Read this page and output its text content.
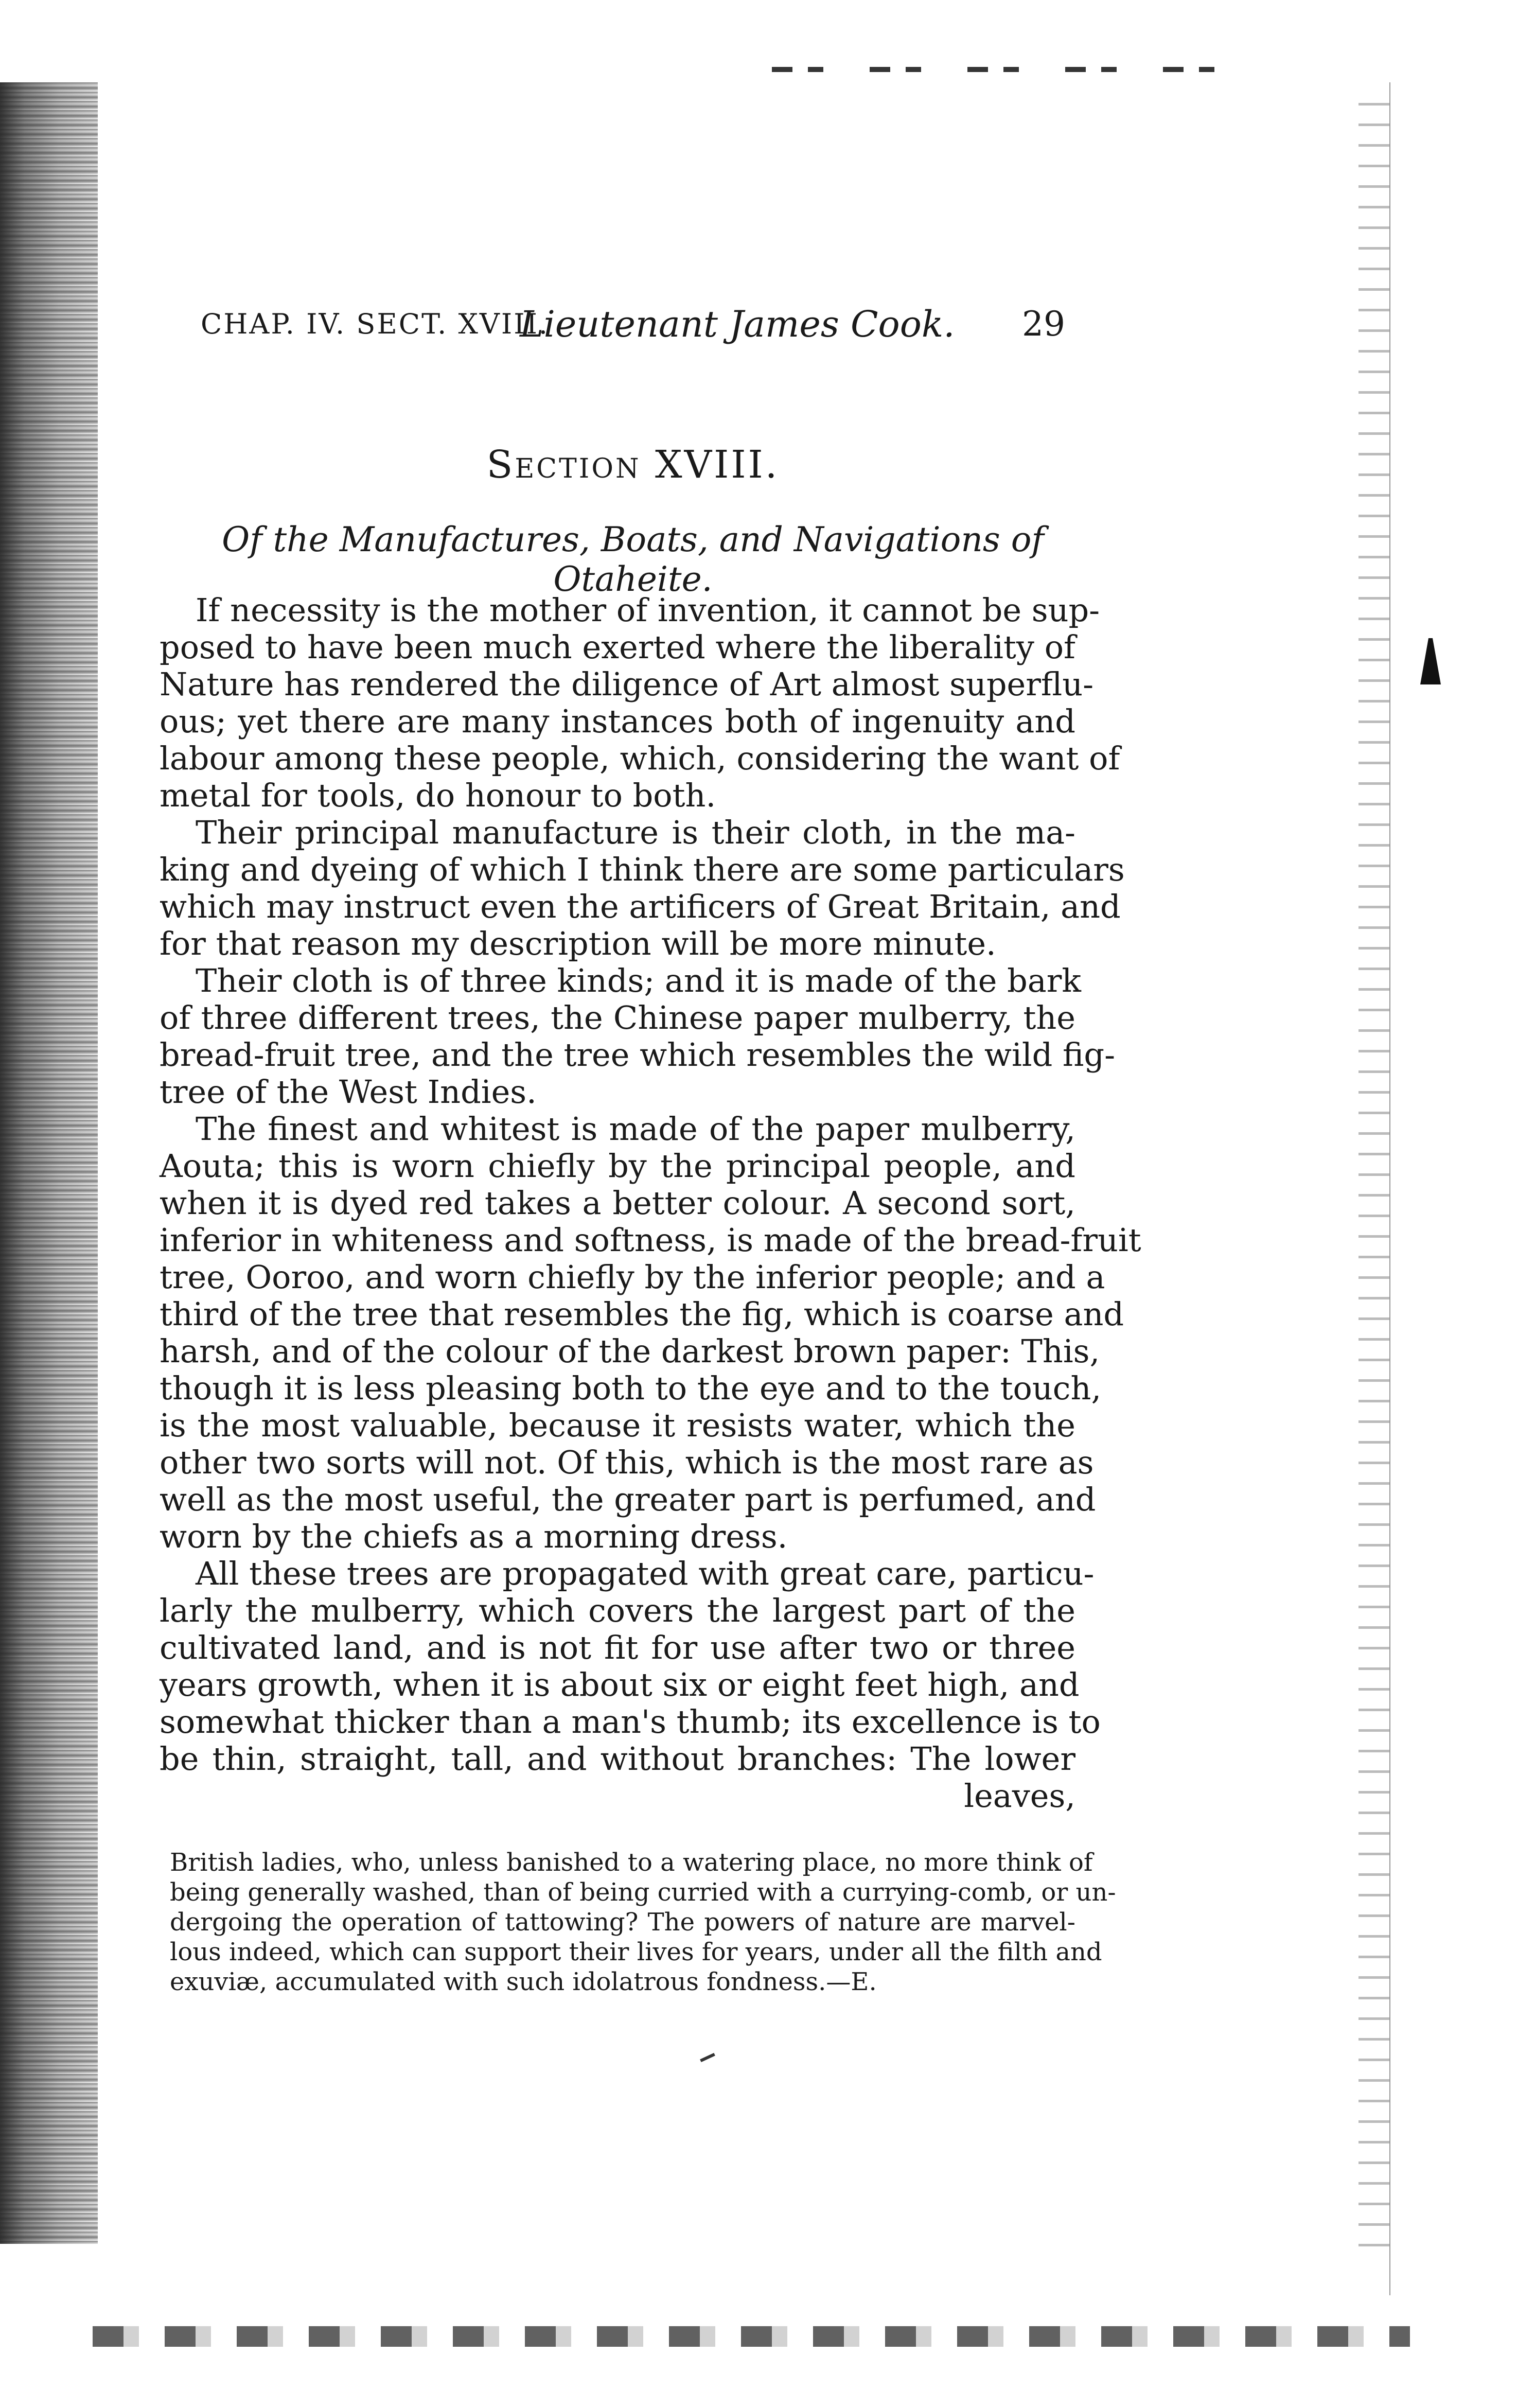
CHAP. IV. SECT. XVIII.
Lieutenant James Cook. 29
Section XVIII.
Of the Manufactures, Boats, and Navigations of Otaheite.
If necessity is the mother of invention, it cannot be sup-
posed to have been much exerted where the liberality of
Nature has rendered the diligence of Art almost superflu-
ous; yet there are many instances both of ingenuity and
labour among these people, which, considering the want of
metal for tools, do honour to both.
Their principal manufacture is their cloth, in the ma-
king and dyeing of which I think there are some particulars
which may instruct even the artificers of Great Britain, and
for that reason my description will be more minute.
Their cloth is of three kinds; and it is made of the bark
of three different trees, the Chinese paper mulberry, the
bread-fruit tree, and the tree which resembles the wild fig-
tree of the West Indies.
The finest and whitest is made of the paper mulberry,
Aouta; this is worn chiefly by the principal people, and
when it is dyed red takes a better colour. A second sort,
inferior in whiteness and softness, is made of the bread-fruit
tree, Ooroo, and worn chiefly by the inferior people; and a
third of the tree that resembles the fig, which is coarse and
harsh, and of the colour of the darkest brown paper: This,
though it is less pleasing both to the eye and to the touch,
is the most valuable, because it resists water, which the
other two sorts will not. Of this, which is the most rare as
well as the most useful, the greater part is perfumed, and
worn by the chiefs as a morning dress.
All these trees are propagated with great care, particu-
larly the mulberry, which covers the largest part of the
cultivated land, and is not fit for use after two or three
years growth, when it is about six or eight feet high, and
somewhat thicker than a man's thumb; its excellence is to
be thin, straight, tall, and without branches: The lower
leaves,
British ladies, who, unless banished to a watering place, no more think of
being generally washed, than of being curried with a currying-comb, or un-
dergoing the operation of tattowing? The powers of nature are marvel-
lous indeed, which can support their lives for years, under all the filth and
exuviæ, accumulated with such idolatrous fondness.—E.
